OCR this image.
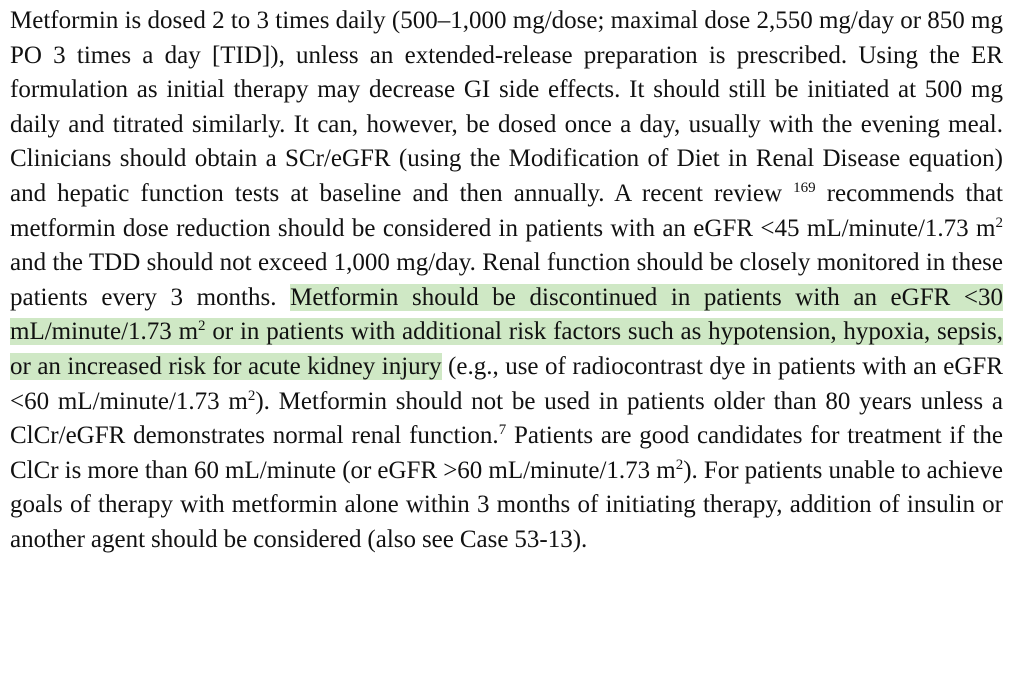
Metformin is dosed 2 to 3 times daily (500–1,000 mg/dose; maximal dose 2,550 mg/day or 850 mg PO 3 times a day [TID]), unless an extended-release preparation is prescribed. Using the ER formulation as initial therapy may decrease GI side effects. It should still be initiated at 500 mg daily and titrated similarly. It can, however, be dosed once a day, usually with the evening meal. Clinicians should obtain a SCr/eGFR (using the Modification of Diet in Renal Disease equation) and hepatic function tests at baseline and then annually. A recent review $^{169}$ recommends that metformin dose reduction should be considered in patients with an eGFR <45 mL/minute/1.73 $m^2$ and the TDD should not exceed 1,000 mg/day. Renal function should be closely monitored in these patients every 3 months. Metformin should be discontinued in patients with an eGFR <30 mL/minute/1.73 $m^2$ or in patients with additional risk factors such as hypotension, hypoxia, sepsis, or an increased risk for acute kidney injury (e.g., use of radiocontrast dye in patients with an eGFR <60 mL/minute/1.73 $m^2$). Metformin should not be used in patients older than 80 years unless a ClCr/eGFR demonstrates normal renal function.$^7$ Patients are good candidates for treatment if the ClCr is more than 60 mL/minute (or eGFR >60 mL/minute/1.73 $m^2$). For patients unable to achieve goals of therapy with metformin alone within 3 months of initiating therapy, addition of insulin or another agent should be considered (also see Case 53-13).
